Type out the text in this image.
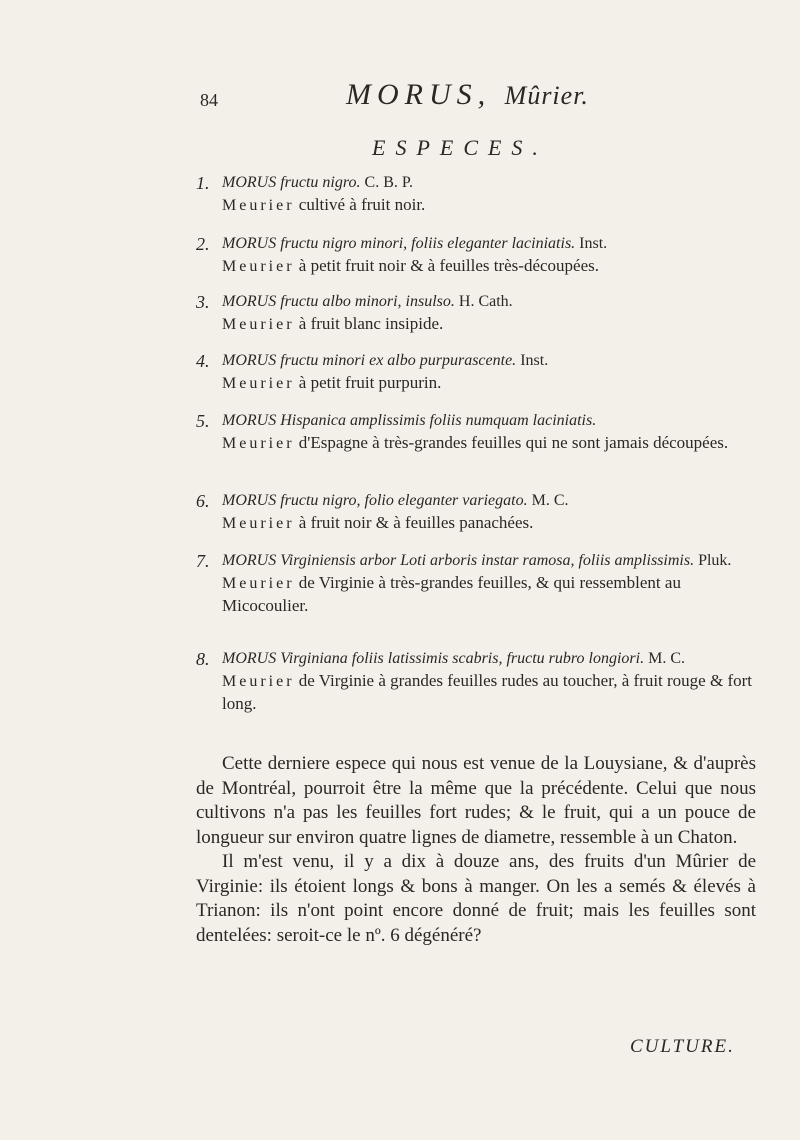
84	MORUS, Mûrier.
ESPECES.
1. MORUS fructu nigro. C. B. P.
Meurier cultivé à fruit noir.
2. MORUS fructu nigro minori, foliis eleganter laciniatis. Inst.
Meurier à petit fruit noir & à feuilles très-découpées.
3. MORUS fructu albo minori, insulso. H. Cath.
Meurier à fruit blanc insipide.
4. MORUS fructu minori ex albo purpurascente. Inst.
Meurier à petit fruit purpurin.
5. MORUS Hispanica amplissimis foliis numquam laciniatis.
Meurier d'Espagne à très-grandes feuilles qui ne sont jamais découpées.
6. MORUS fructu nigro, folio eleganter variegato. M. C.
Meurier à fruit noir & à feuilles panachées.
7. MORUS Virginiensis arbor Loti arboris instar ramosa, foliis amplissimis. Pluk.
Meurier de Virginie à très-grandes feuilles, & qui ressemblent au Micocoulier.
8. MORUS Virginiana foliis latissimis scabris, fructu rubro longiori. M. C.
Meurier de Virginie à grandes feuilles rudes au toucher, à fruit rouge & fort long.

Cette derniere espece qui nous est venue de la Louysiane, & d'auprès de Montréal, pourroit être la même que la précédente. Celui que nous cultivons n'a pas les feuilles fort rudes; & le fruit, qui a un pouce de longueur sur environ quatre lignes de diametre, ressemble à un Chaton.

Il m'est venu, il y a dix à douze ans, des fruits d'un Mûrier de Virginie: ils étoient longs & bons à manger. On les a semés & élevés à Trianon: ils n'ont point encore donné de fruit; mais les feuilles sont dentelées: seroit-ce le nº. 6 dégénéré?

CULTURE.
